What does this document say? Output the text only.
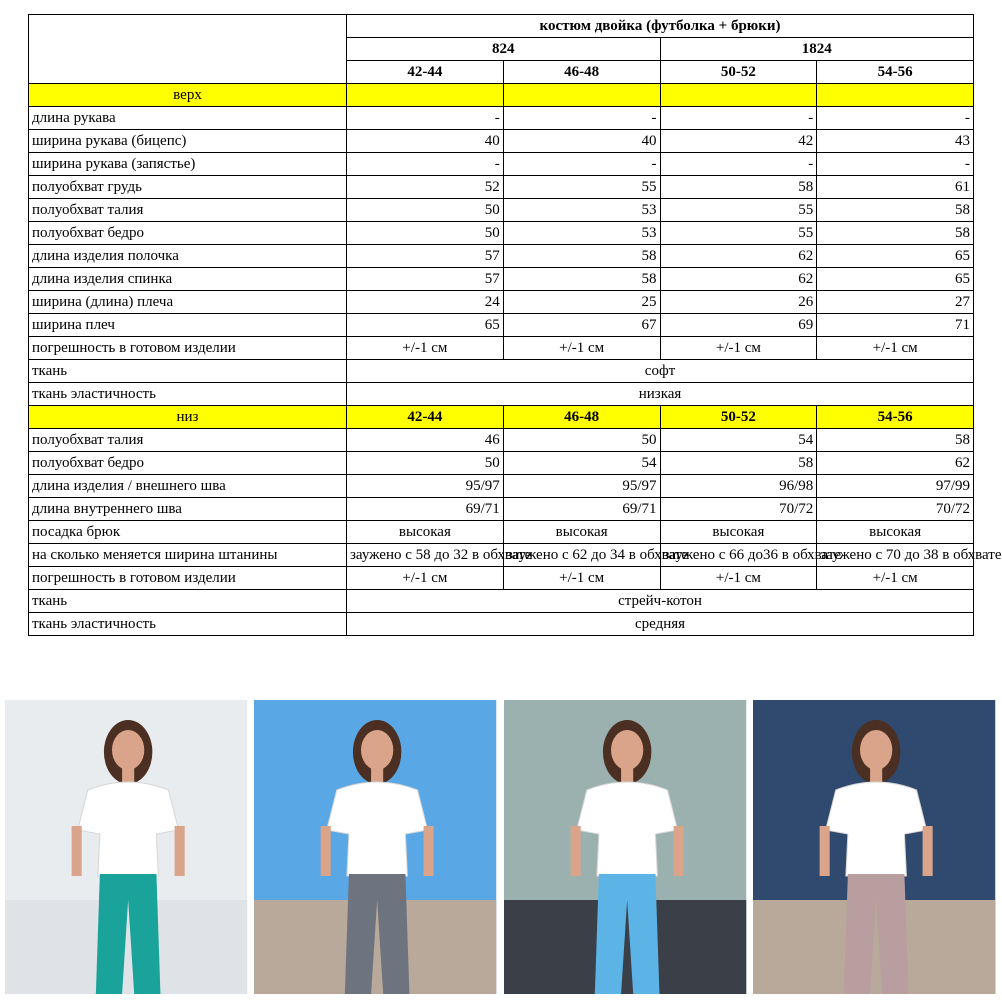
	костюм двойка (футболка + брюки)			
	824		1824	
	42-44	46-48	50-52	54-56
верх				
длина рукава	-	-	-	-
ширина рукава (бицепс)	40	40	42	43
ширина рукава (запястье)	-	-	-	-
полуобхват грудь	52	55	58	61
полуобхват талия	50	53	55	58
полуобхват бедро	50	53	55	58
длина изделия полочка	57	58	62	65
длина изделия спинка	57	58	62	65
ширина (длина) плеча	24	25	26	27
ширина плеч	65	67	69	71
погрешность в готовом изделии	+/-1 см	+/-1 см	+/-1 см	+/-1 см
ткань	софт			
ткань эластичность	низкая			
низ	42-44	46-48	50-52	54-56
полуобхват талия	46	50	54	58
полуобхват бедро	50	54	58	62
длина изделия / внешнего шва	95/97	95/97	96/98	97/99
длина внутреннего шва	69/71	69/71	70/72	70/72
посадка брюк	высокая	высокая	высокая	высокая
на сколько меняется ширина штанины	зауженo с 58 до 32 в обхвате	зауженo с 62 до 34 в обхвате	зауженo с 66 до36 в обхвате	зауженo с 70 до 38 в обхвате
погрешность в готовом изделии	+/-1 см	+/-1 см	+/-1 см	+/-1 см
ткань	стрейч-котон			
ткань эластичность	средняя			
